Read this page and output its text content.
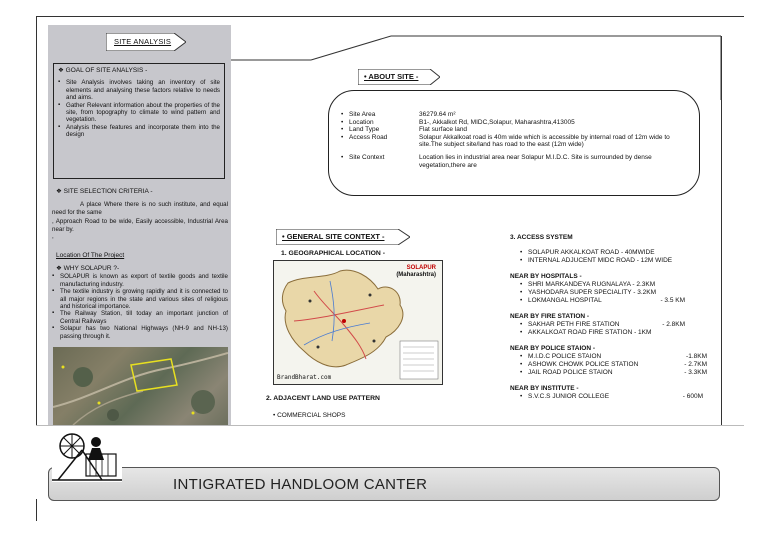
SITE ANALYSIS
❖ GOAL OF SITE ANALYSIS -
▪ Site Analysis involves taking an inventory of site elements and analysing these factors relative to needs and aims.
▪ Gather Relevant information about the properties of the site, from topography to climate to wind pattern and vegetation.
▪ Analysis these features and incorporate them into the design
❖ SITE SELECTION CRITERIA -
A place Where there is no such institute, and equal need for the same
, Approach Road to be wide, Easily accessible, Industrial Area near by.
,
Location Of The Project
❖ WHY SOLAPUR ?-
▪ SOLAPUR is known as export of textile goods and textile manufacturing industry.
▪ The textile industry is growing rapidly and it is connected to all major regions in the state and various sites of religious and historical importance.
▪ The Railway Station, till today an important junction of Central Railways
▪ Solapur has two National Highways (NH-9 and NH-13) passing through it.
• ABOUT SITE -
• Site Area	36279.64 m²
• Location	B1-, Akkalkot Rd, MIDC,Solapur, Maharashtra,413005
• Land Type	Flat surface land
• Access Road	Solapur Akkalkoat road is 40m wide which is accessible by internal road of 12m wide to site.The subject site/land has road to the east (12m wide)
• Site Context	Location lies in industrial area near Solapur M.I.D.C. Site is surrounded by dense vegetation,there are
• GENERAL SITE CONTEXT -
1. GEOGRAPHICAL LOCATION -
SOLAPUR
(Maharashtra)
BrandBharat.com
2. ADJACENT LAND USE PATTERN
• COMMERCIAL SHOPS
3. ACCESS SYSTEM
• SOLAPUR AKKALKOAT ROAD - 40MWIDE
• INTERNAL ADJUCENT MIDC ROAD - 12M WIDE
NEAR BY HOSPITALS -
• SHRI MARKANDEYA RUGNALAYA - 2.3KM
• YASHODARA SUPER SPECIALITY - 3.2KM
• LOKMANGAL HOSPITAL	- 3.5 KM
NEAR BY FIRE STATION -
• SAKHAR PETH FIRE STATION	- 2.8KM
• AKKALKOAT ROAD FIRE STATION - 1KM
NEAR BY POLICE STAION -
• M.I.D.C POLICE STAION	-1.8KM
• ASHOWK CHOWK POLICE STATION	- 2.7KM
• JAIL ROAD POLICE STAION	- 3.3KM
NEAR BY INSTITUTE -
• S.V.C.S JUNIOR COLLEGE	- 600M
INTIGRATED HANDLOOM CANTER
